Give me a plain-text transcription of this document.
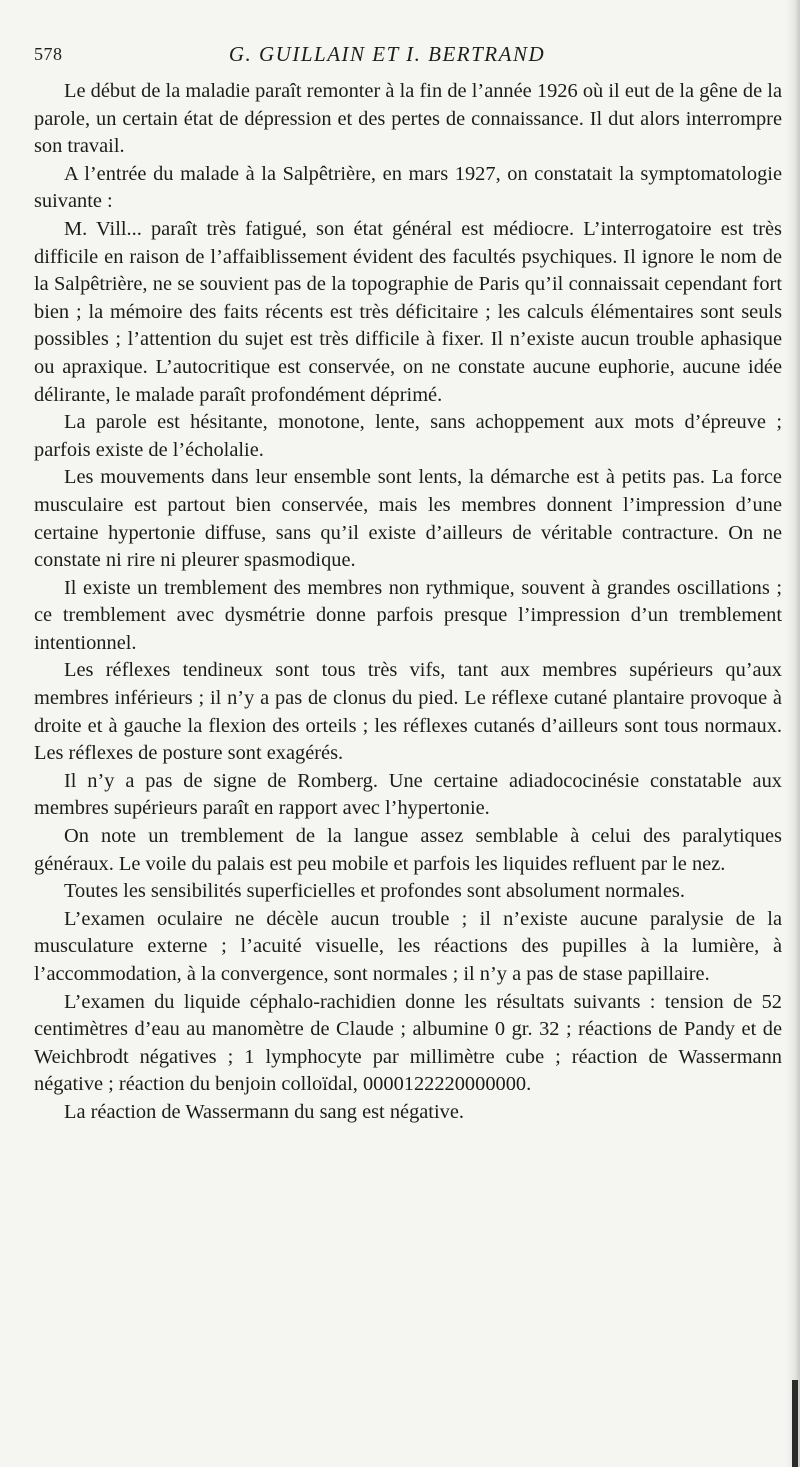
578	G. GUILLAIN ET I. BERTRAND

Le début de la maladie paraît remonter à la fin de l’année 1926 où il eut de la gêne de la parole, un certain état de dépression et des pertes de connaissance. Il dut alors interrompre son travail.

A l’entrée du malade à la Salpêtrière, en mars 1927, on constatait la symptomatologie suivante :

M. Vill... paraît très fatigué, son état général est médiocre. L’interrogatoire est très difficile en raison de l’affaiblissement évident des facultés psychiques. Il ignore le nom de la Salpêtrière, ne se souvient pas de la topographie de Paris qu’il connaissait cependant fort bien ; la mémoire des faits récents est très déficitaire ; les calculs élémentaires sont seuls possibles ; l’attention du sujet est très difficile à fixer. Il n’existe aucun trouble aphasique ou apraxique. L’autocritique est conservée, on ne constate aucune euphorie, aucune idée délirante, le malade paraît profondément déprimé.

La parole est hésitante, monotone, lente, sans achoppement aux mots d’épreuve ; parfois existe de l’écholalie.

Les mouvements dans leur ensemble sont lents, la démarche est à petits pas. La force musculaire est partout bien conservée, mais les membres donnent l’impression d’une certaine hypertonie diffuse, sans qu’il existe d’ailleurs de véritable contracture. On ne constate ni rire ni pleurer spasmodique.

Il existe un tremblement des membres non rythmique, souvent à grandes oscillations ; ce tremblement avec dysmétrie donne parfois presque l’impression d’un tremblement intentionnel.

Les réflexes tendineux sont tous très vifs, tant aux membres supérieurs qu’aux membres inférieurs ; il n’y a pas de clonus du pied. Le réflexe cutané plantaire provoque à droite et à gauche la flexion des orteils ; les réflexes cutanés d’ailleurs sont tous normaux. Les réflexes de posture sont exagérés.

Il n’y a pas de signe de Romberg. Une certaine adiadococinésie constatable aux membres supérieurs paraît en rapport avec l’hypertonie.

On note un tremblement de la langue assez semblable à celui des paralytiques généraux. Le voile du palais est peu mobile et parfois les liquides refluent par le nez.

Toutes les sensibilités superficielles et profondes sont absolument normales.

L’examen oculaire ne décèle aucun trouble ; il n’existe aucune paralysie de la musculature externe ; l’acuité visuelle, les réactions des pupilles à la lumière, à l’accommodation, à la convergence, sont normales ; il n’y a pas de stase papillaire.

L’examen du liquide céphalo-rachidien donne les résultats suivants : tension de 52 centimètres d’eau au manomètre de Claude ; albumine 0 gr. 32 ; réactions de Pandy et de Weichbrodt négatives ; 1 lymphocyte par millimètre cube ; réaction de Wassermann négative ; réaction du benjoin colloïdal, 0000122220000000.

La réaction de Wassermann du sang est négative.
